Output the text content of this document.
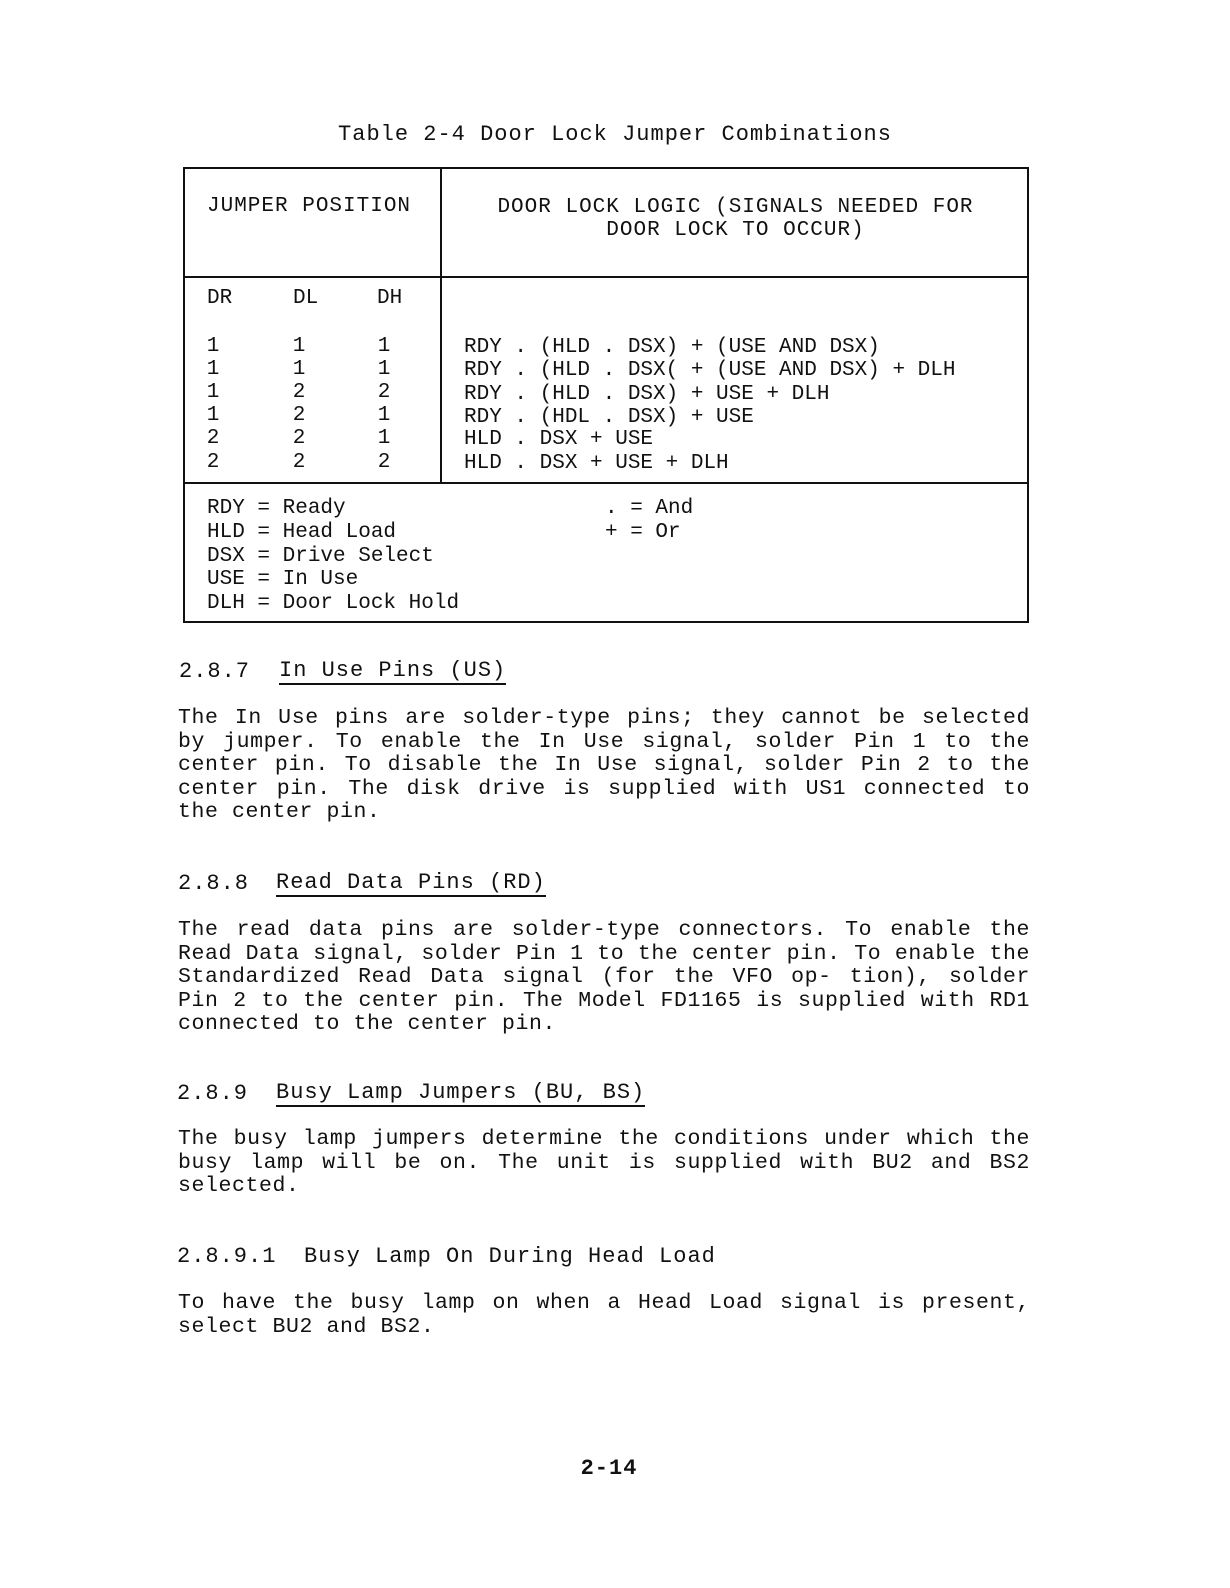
Table 2-4 Door Lock Jumper Combinations
JUMPER POSITION	DOOR LOCK LOGIC (SIGNALS NEEDED FOR
DOOR LOCK TO OCCUR)
DR	DL	DH
1	1	1	RDY . (HLD . DSX) + (USE AND DSX)
1	1	1	RDY . (HLD . DSX( + (USE AND DSX) + DLH
1	2	2	RDY . (HLD . DSX) + USE + DLH
1	2	1	RDY . (HDL . DSX) + USE
2	2	1	HLD . DSX + USE
2	2	2	HLD . DSX + USE + DLH
RDY = Ready
HLD = Head Load
DSX = Drive Select
USE = In Use
DLH = Door Lock Hold
. = And
+ = Or
2.8.7 In Use Pins (US)
The In Use pins are solder-type pins; they cannot be selected by jumper. To enable the In Use signal, solder Pin 1 to the center pin. To disable the In Use signal, solder Pin 2 to the center pin. The disk drive is supplied with US1 connected to the center pin.
2.8.8 Read Data Pins (RD)
The read data pins are solder-type connectors. To enable the Read Data signal, solder Pin 1 to the center pin. To enable the Standardized Read Data signal (for the VFO op- tion), solder Pin 2 to the center pin. The Model FD1165 is supplied with RD1 connected to the center pin.
2.8.9 Busy Lamp Jumpers (BU, BS)
The busy lamp jumpers determine the conditions under which the busy lamp will be on. The unit is supplied with BU2 and BS2 selected.
2.8.9.1 Busy Lamp On During Head Load
To have the busy lamp on when a Head Load signal is present, select BU2 and BS2.
2-14
